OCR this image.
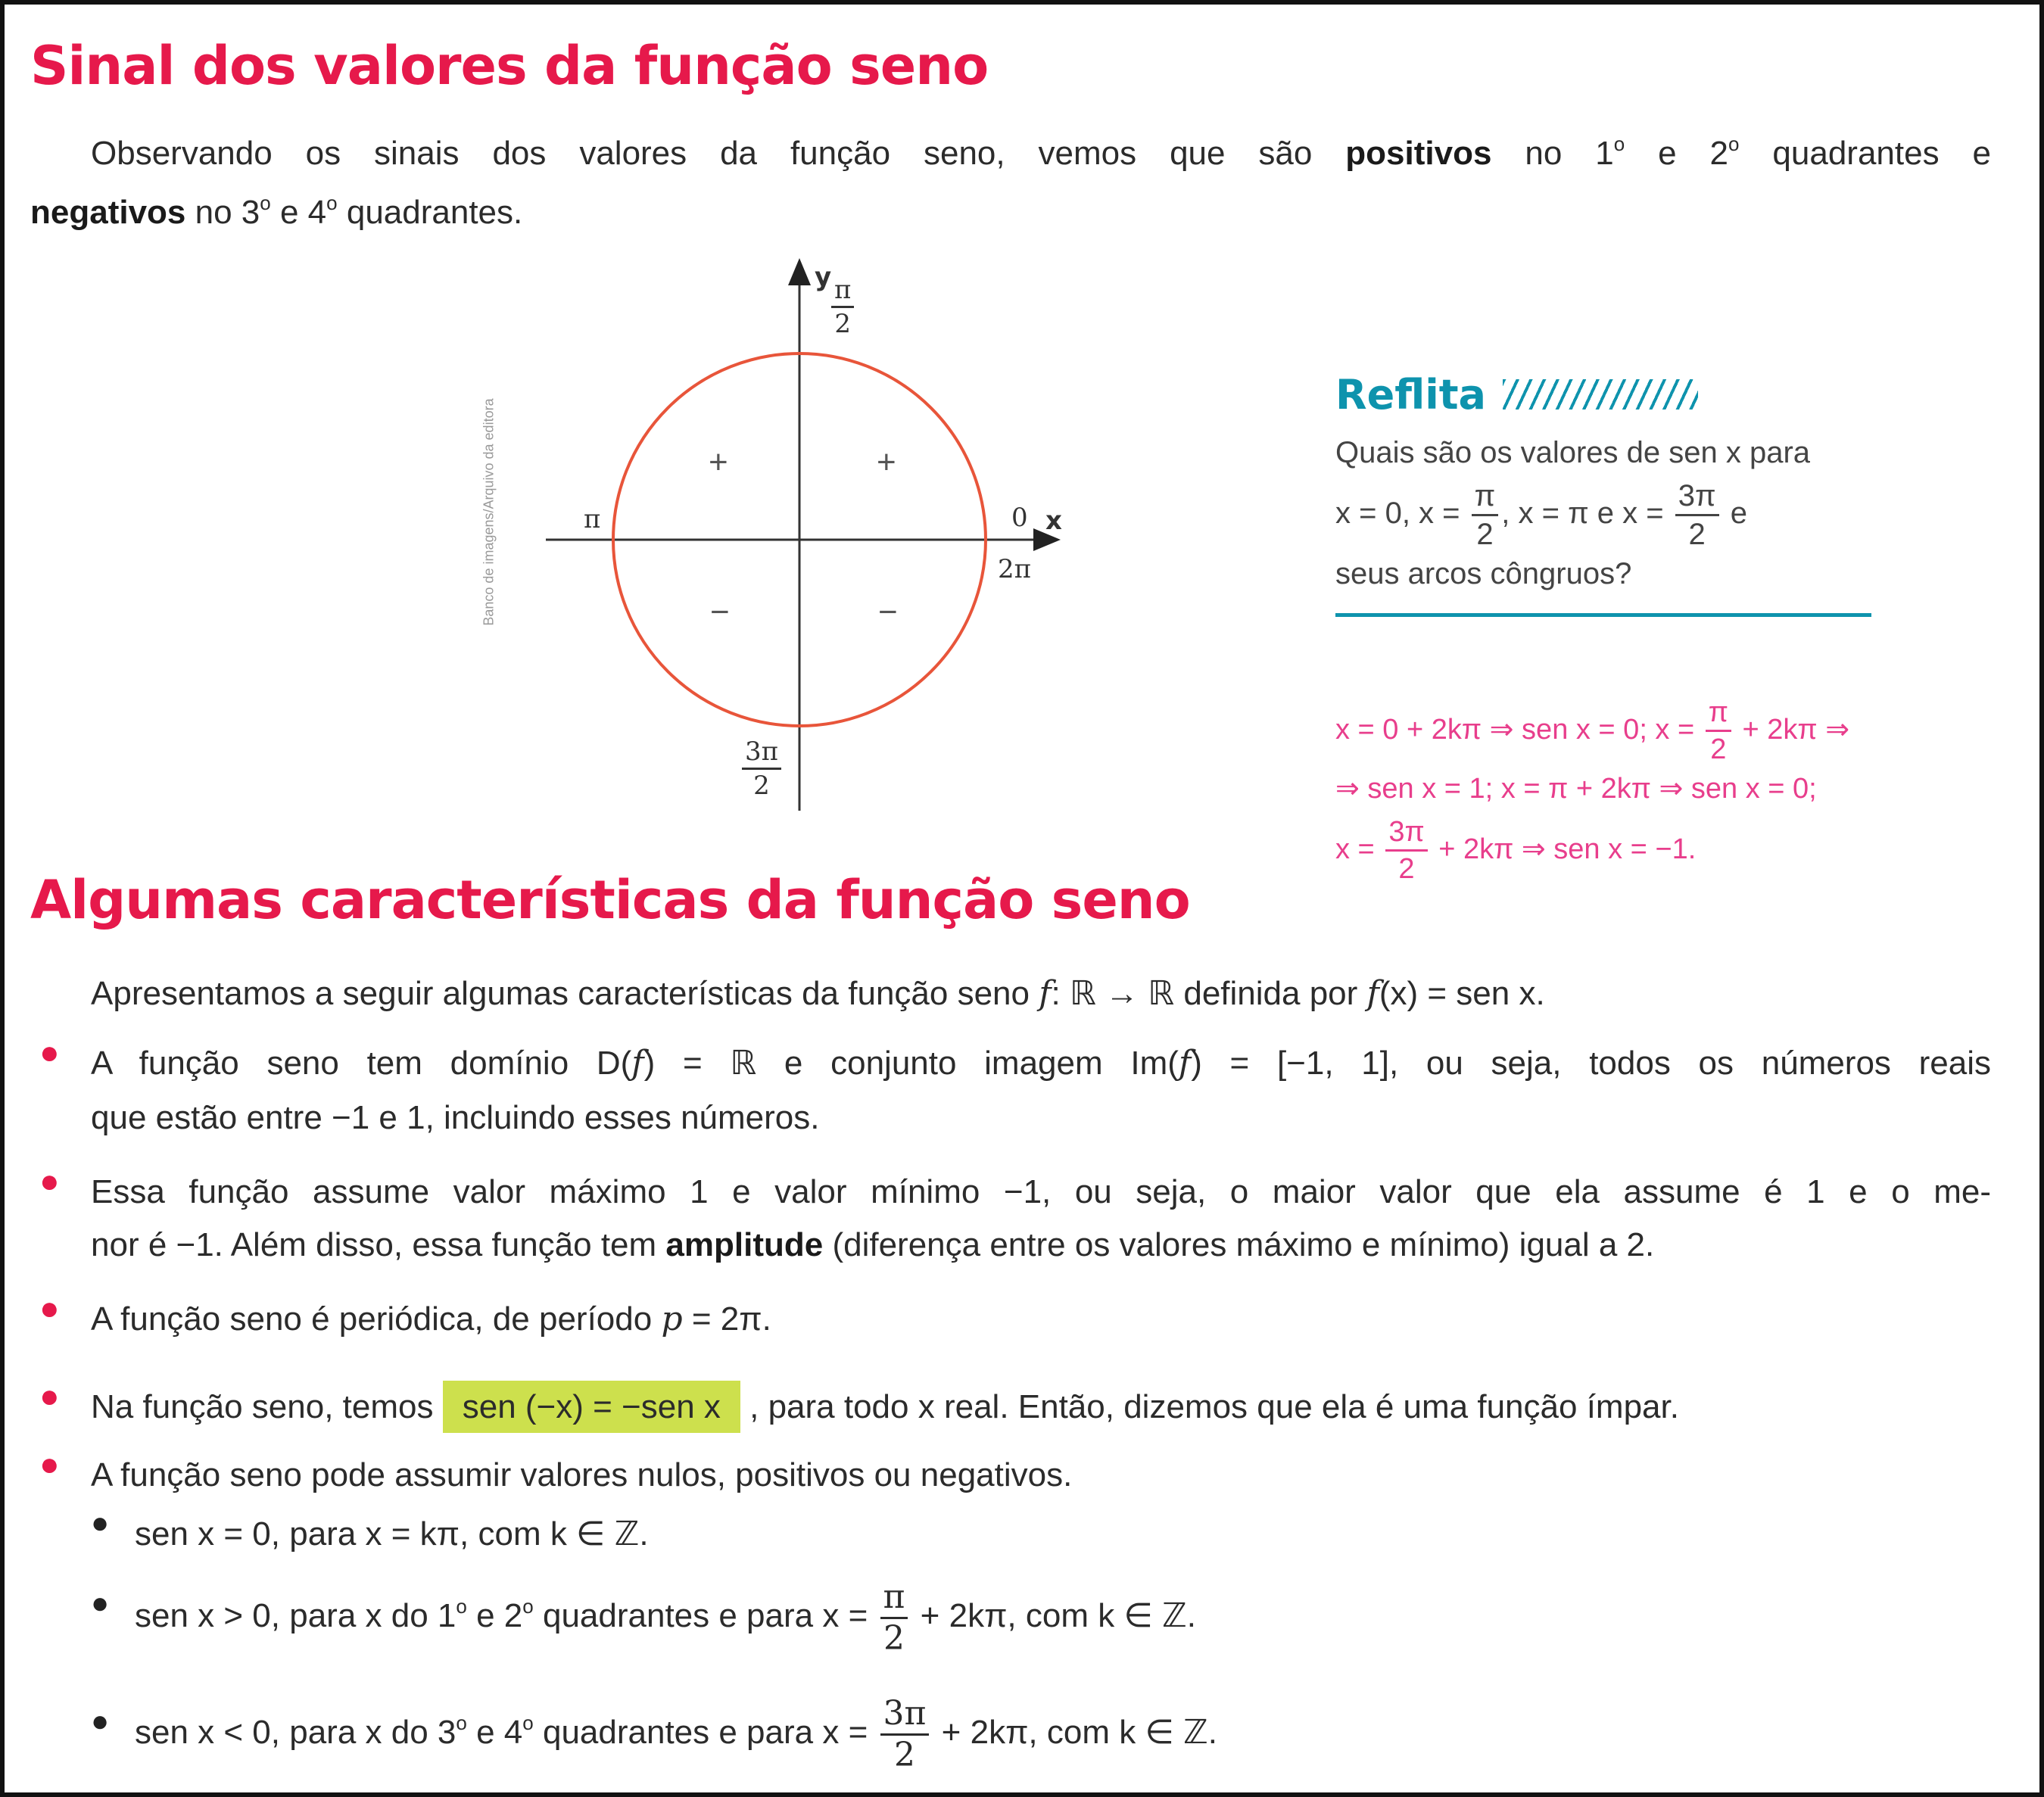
Sinal dos valores da função seno
Observando os sinais dos valores da função seno, vemos que são positivos no 1$^o$ e 2$^o$ quadrantes e
negativos no 3$^o$ e 4$^o$ quadrantes.
Banco de imagens/Arquivo da editora
y
x
$\frac{\pi}{2}$
π	0
2π
$\frac{3\pi}{2}$
+	+
−	−
Reflita
Quais são os valores de sen x para
x = 0, $x = \frac{\pi}{2}$ , x = π e $x = \frac{3\pi}{2}$ e
seus arcos côngruos?
x = 0 + 2kπ ⇒ sen x = 0; $x = \frac{\pi}{2} + 2k\pi$ ⇒
⇒ sen x = 1; x = π + 2kπ ⇒ sen x = 0;
$x = \frac{3\pi}{2} + 2k\pi$ ⇒ sen x = −1.
Algumas características da função seno
Apresentamos a seguir algumas características da função seno f: ℝ → ℝ definida por f(x) = sen x.
● A função seno tem domínio D(f) = ℝ e conjunto imagem Im(f) = [−1, 1], ou seja, todos os números reais
que estão entre −1 e 1, incluindo esses números.
● Essa função assume valor máximo 1 e valor mínimo −1, ou seja, o maior valor que ela assume é 1 e o me-
nor é −1. Além disso, essa função tem amplitude (diferença entre os valores máximo e mínimo) igual a 2.
● A função seno é periódica, de período p = 2π.
● Na função seno, temos sen (−x) = −sen x , para todo x real. Então, dizemos que ela é uma função ímpar.
● A função seno pode assumir valores nulos, positivos ou negativos.
● sen x = 0, para x = kπ, com k ∈ ℤ.
● sen x > 0, para x do 1$^o$ e 2$^o$ quadrantes e para $x = \frac{\pi}{2} + 2k\pi$, com k ∈ ℤ.
● sen x < 0, para x do 3$^o$ e 4$^o$ quadrantes e para $x = \frac{3\pi}{2} + 2k\pi$, com k ∈ ℤ.
